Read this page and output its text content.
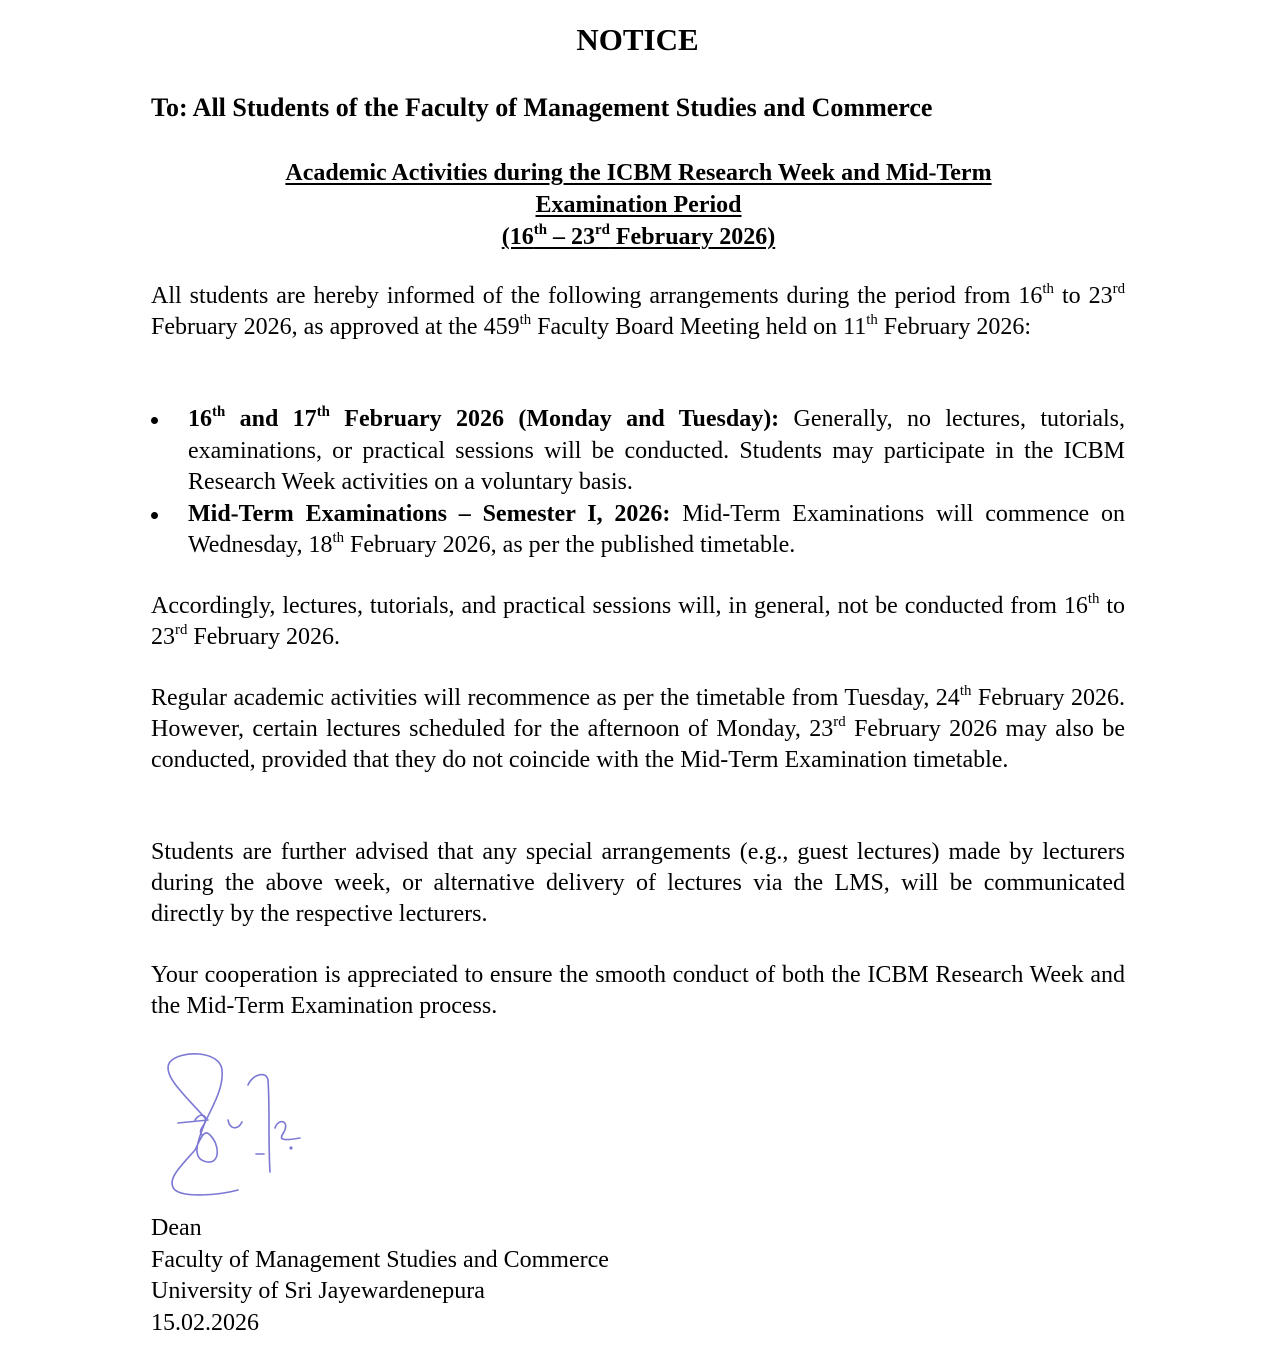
NOTICE
To: All Students of the Faculty of Management Studies and Commerce
Academic Activities during the ICBM Research Week and Mid-Term
Examination Period
(16th – 23rd February 2026)
All students are hereby informed of the following arrangements during the period from 16th to 23rd February 2026, as approved at the 459th Faculty Board Meeting held on 11th February 2026:
16th and 17th February 2026 (Monday and Tuesday): Generally, no lectures, tutorials, examinations, or practical sessions will be conducted. Students may participate in the ICBM Research Week activities on a voluntary basis.
Mid-Term Examinations – Semester I, 2026: Mid-Term Examinations will commence on Wednesday, 18th February 2026, as per the published timetable.
Accordingly, lectures, tutorials, and practical sessions will, in general, not be conducted from 16th to 23rd February 2026.
Regular academic activities will recommence as per the timetable from Tuesday, 24th February 2026. However, certain lectures scheduled for the afternoon of Monday, 23rd February 2026 may also be conducted, provided that they do not coincide with the Mid-Term Examination timetable.
Students are further advised that any special arrangements (e.g., guest lectures) made by lecturers during the above week, or alternative delivery of lectures via the LMS, will be communicated directly by the respective lecturers.
Your cooperation is appreciated to ensure the smooth conduct of both the ICBM Research Week and the Mid-Term Examination process.
Dean
Faculty of Management Studies and Commerce
University of Sri Jayewardenepura
15.02.2026
